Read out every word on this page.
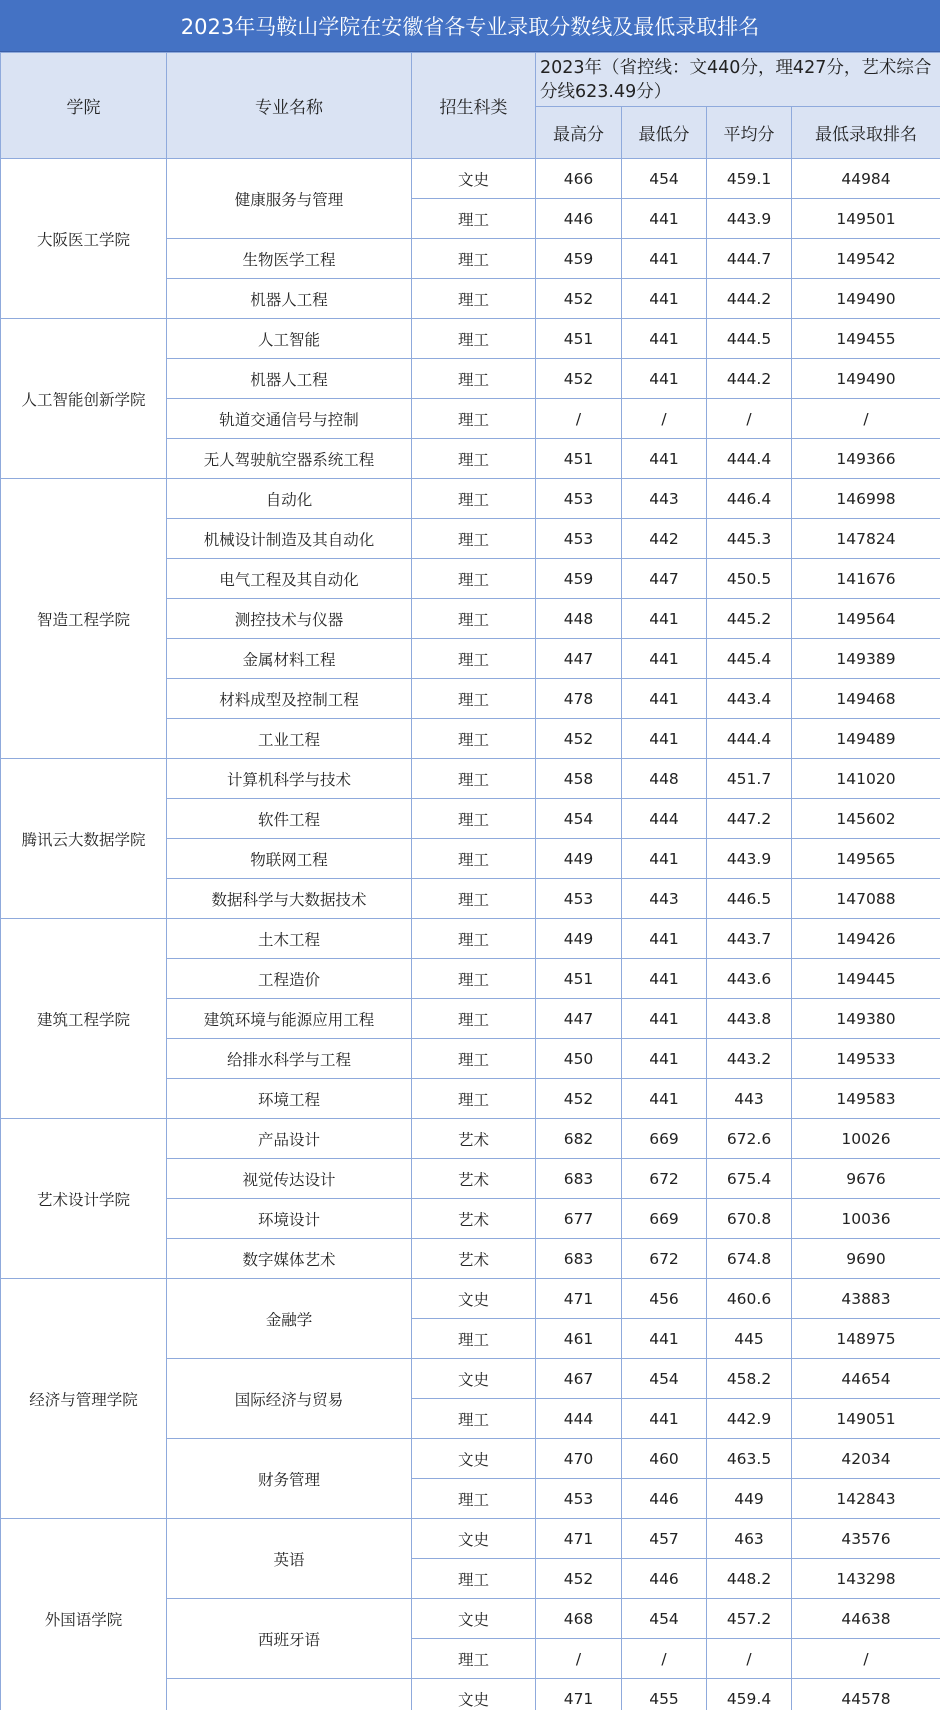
2023年马鞍山学院在安徽省各专业录取分数线及最低录取排名
学院	专业名称	招生科类	2023年（省控线：文440分，理427分，艺术综合分线623.49分）			
			最高分	最低分	平均分	最低录取排名
大阪医工学院	健康服务与管理	文史	466	454	459.1	44984
		理工	446	441	443.9	149501
	生物医学工程	理工	459	441	444.7	149542
	机器人工程	理工	452	441	444.2	149490
人工智能创新学院	人工智能	理工	451	441	444.5	149455
	机器人工程	理工	452	441	444.2	149490
	轨道交通信号与控制	理工	/	/	/	/
	无人驾驶航空器系统工程	理工	451	441	444.4	149366
智造工程学院	自动化	理工	453	443	446.4	146998
	机械设计制造及其自动化	理工	453	442	445.3	147824
	电气工程及其自动化	理工	459	447	450.5	141676
	测控技术与仪器	理工	448	441	445.2	149564
	金属材料工程	理工	447	441	445.4	149389
	材料成型及控制工程	理工	478	441	443.4	149468
	工业工程	理工	452	441	444.4	149489
腾讯云大数据学院	计算机科学与技术	理工	458	448	451.7	141020
	软件工程	理工	454	444	447.2	145602
	物联网工程	理工	449	441	443.9	149565
	数据科学与大数据技术	理工	453	443	446.5	147088
建筑工程学院	土木工程	理工	449	441	443.7	149426
	工程造价	理工	451	441	443.6	149445
	建筑环境与能源应用工程	理工	447	441	443.8	149380
	给排水科学与工程	理工	450	441	443.2	149533
	环境工程	理工	452	441	443	149583
艺术设计学院	产品设计	艺术	682	669	672.6	10026
	视觉传达设计	艺术	683	672	675.4	9676
	环境设计	艺术	677	669	670.8	10036
	数字媒体艺术	艺术	683	672	674.8	9690
经济与管理学院	金融学	文史	471	456	460.6	43883
		理工	461	441	445	148975
	国际经济与贸易	文史	467	454	458.2	44654
		理工	444	441	442.9	149051
	财务管理	文史	470	460	463.5	42034
		理工	453	446	449	142843
外国语学院	英语	文史	471	457	463	43576
		理工	452	446	448.2	143298
	西班牙语	文史	468	454	457.2	44638
		理工	/	/	/	/
		文史	471	455	459.4	44578
